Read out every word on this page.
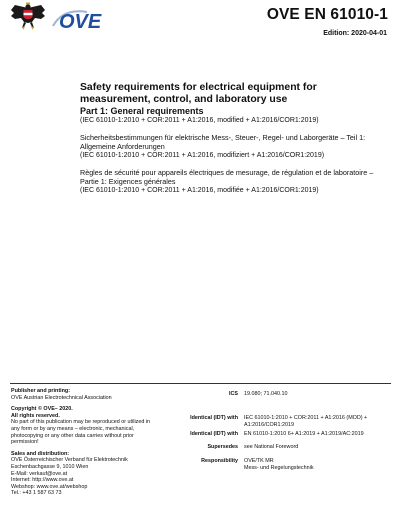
OVE	OVE EN 61010-1
Edition: 2020-04-01
Safety requirements for electrical equipment for measurement, control, and laboratory use
Part 1: General requirements
(IEC 61010-1:2010 + COR:2011 + A1:2016, modified + A1:2016/COR1:2019)
Sicherheitsbestimmungen für elektrische Mess-, Steuer-, Regel- und Laborgeräte – Teil 1: Allgemeine Anforderungen
(IEC 61010-1:2010 + COR:2011 + A1:2016, modifiziert + A1:2016/COR1:2019)
Règles de sécurité pour appareils électriques de mesurage, de régulation et de laboratoire – Partie 1: Exigences générales
(IEC 61010-1:2010 + COR:2011 + A1:2016, modifiée + A1:2016/COR1:2019)
Publisher and printing:
OVE Austrian Electrotechnical Association
Copyright © OVE– 2020.
All rights reserved.
No part of this publication may be reproduced or utilized in
any form or by any means – electronic, mechanical,
photocopying or any other data carries without prior
permission!
Sales and distribution:
OVE Österreichischer Verband für Elektrotechnik
Eschenbachgasse 9, 1010 Wien
E-Mail: verkauf@ove.at
Internet: http://www.ove.at
Webshop: www.ove.at/webshop
Tel.: +43 1 587 63 73
ICS 19.080; 71.040.10
Identical (IDT) with IEC 61010-1:2010 + COR:2011 + A1:2016 (MOD) + A1:2016/COR1:2019
Identical (IDT) with EN 61010-1:2010 6+ A1:2019 + A1:2019/AC:2019
Supersedes see National Foreword
Responsibility OVE/TK MR
Mess- und Regelungstechnik
